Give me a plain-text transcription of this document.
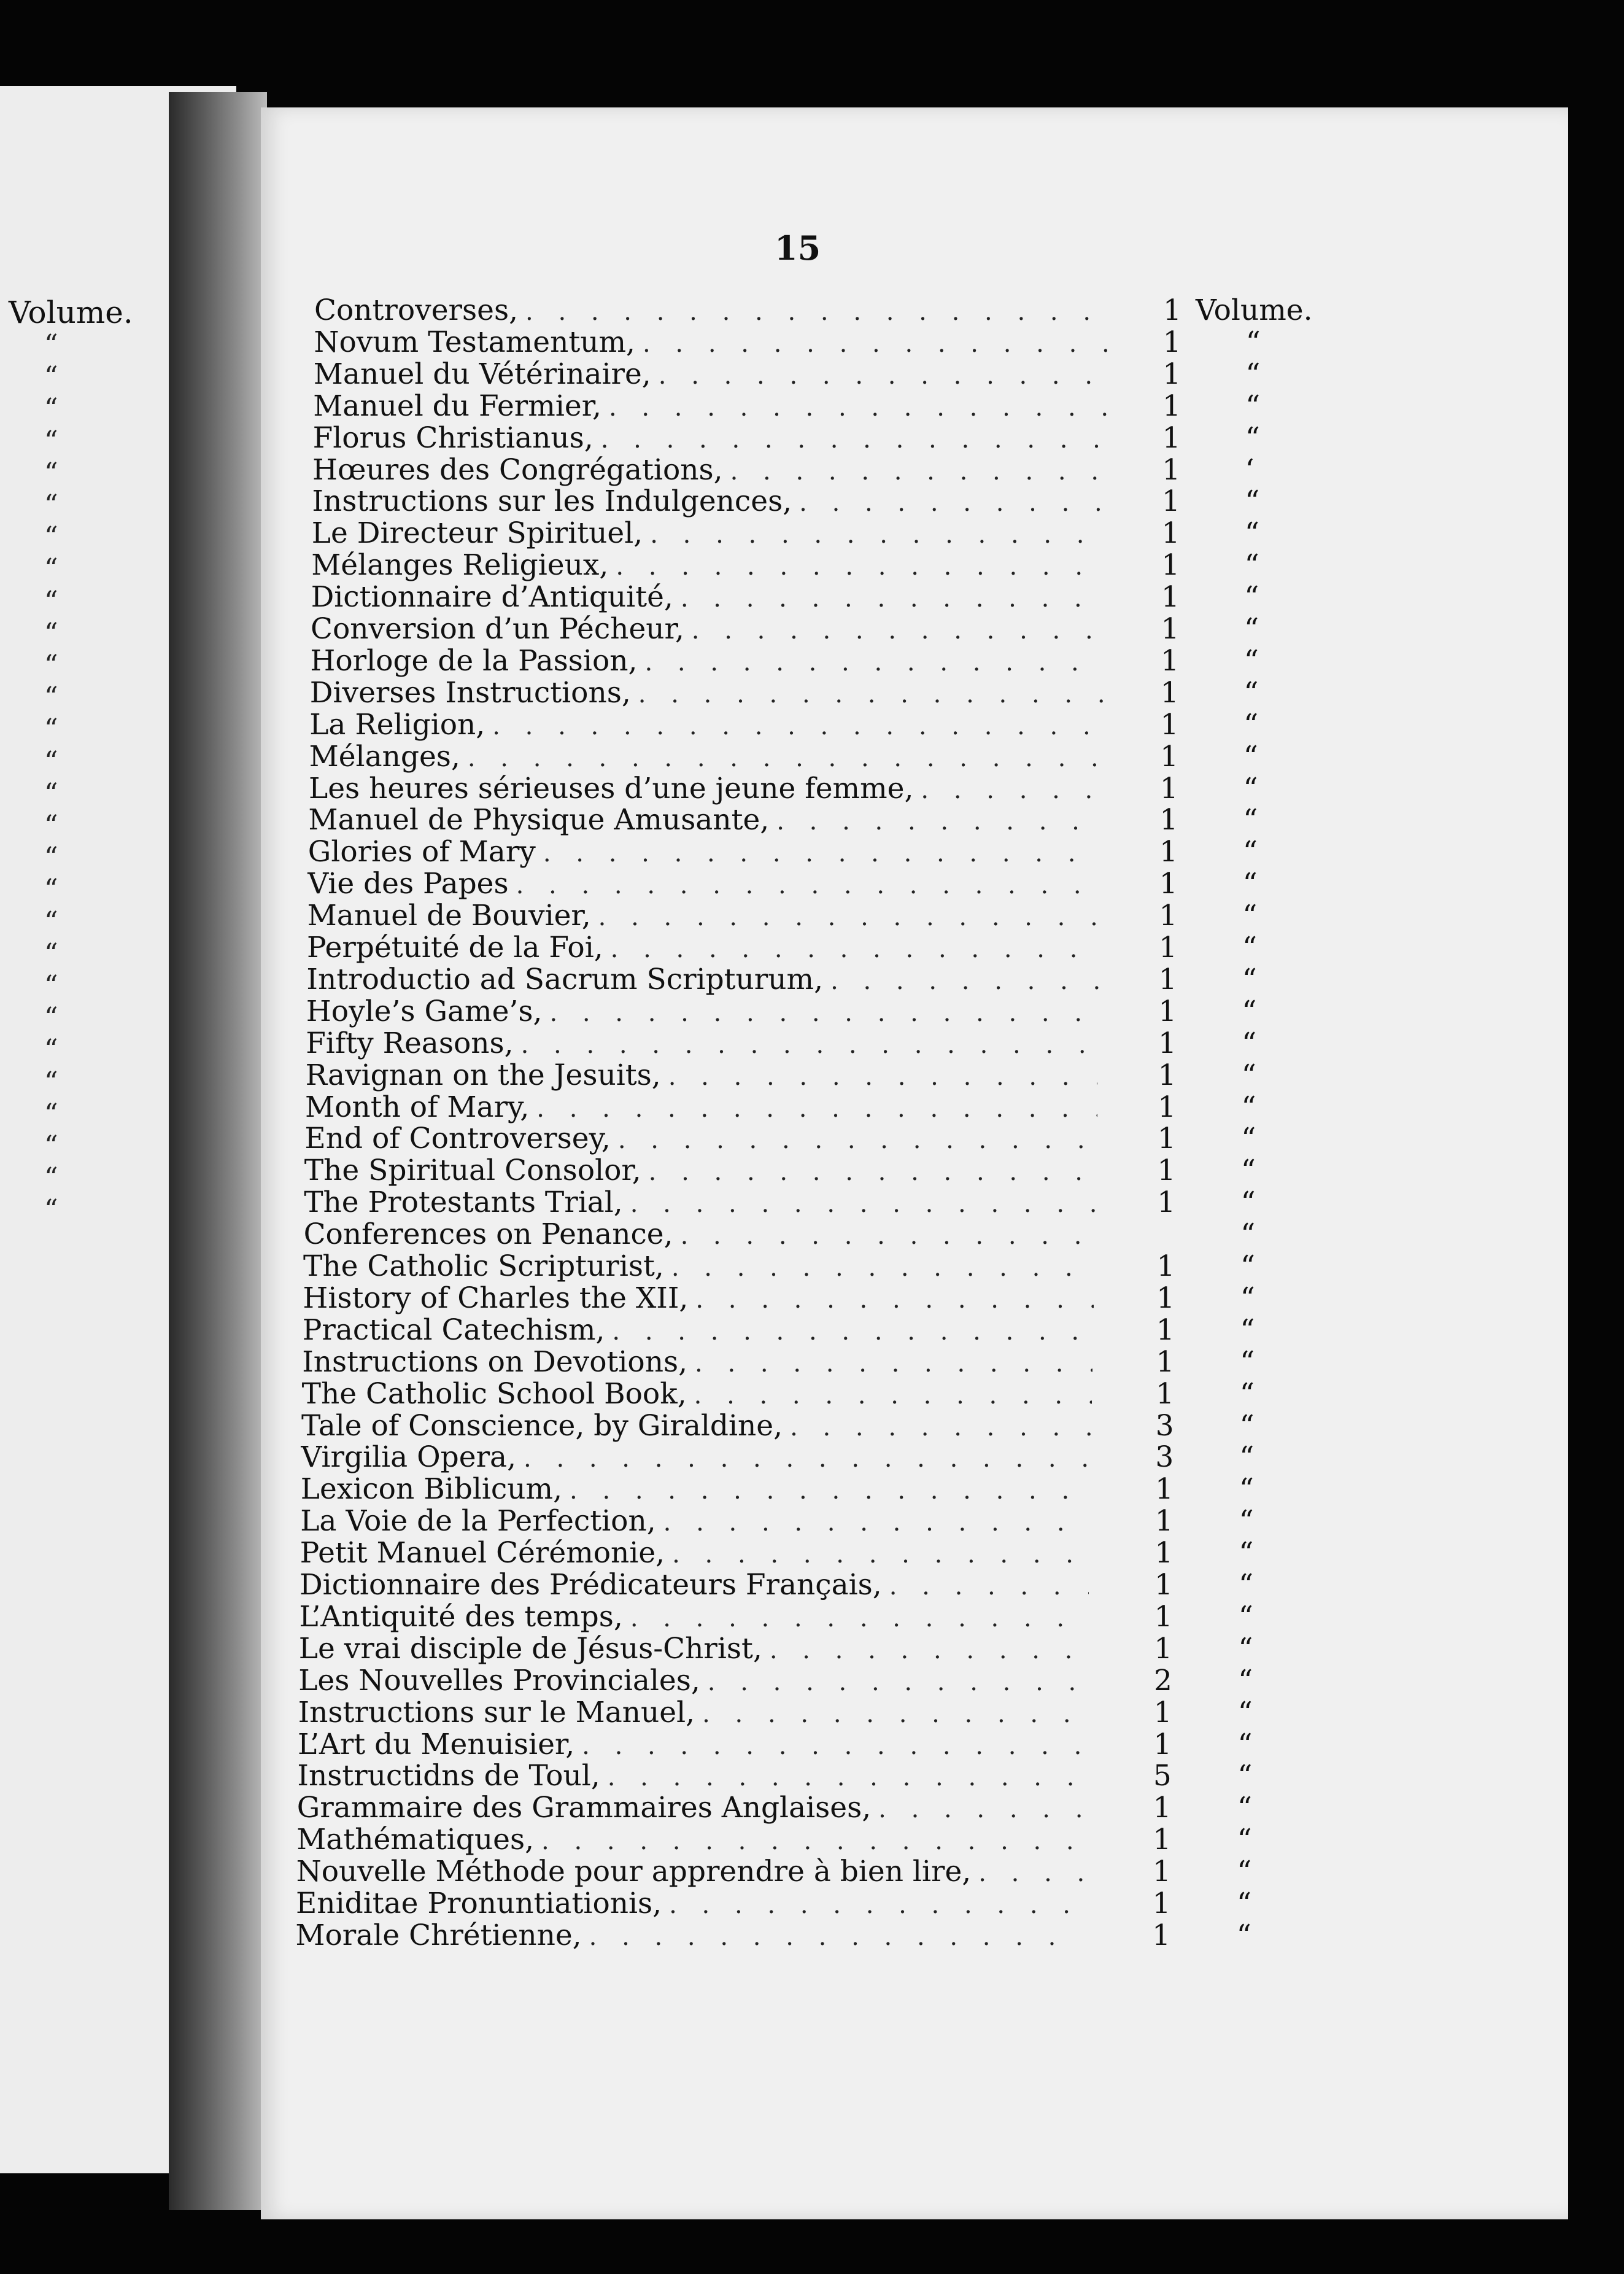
Volume.
“
“
“
“
“
“
“
“
“
“
“
“
“
“
“
“
“
“
“
“
“
“
“
“
“
“
“
“
15
Controverses, . . .	1 Volume.
Novum Testamentum, . . .	1 “
Manuel du Vétérinaire, . . .	1 “
Manuel du Fermier, . . .	1 “
Florus Christianus, . . .	1 “
Hœures des Congrégations, . . .	1 ‘
Instructions sur les Indulgences, . . .	1 “
Le Directeur Spirituel, . . .	1 “
Mélanges Religieux, . . .	1 “
Dictionnaire d’Antiquité, . . .	1 “
Conversion d’un Pécheur, . . .	1 “
Horloge de la Passion, . . .	1 “
Diverses Instructions, . . .	1 “
La Religion, . . .	1 “
Mélanges, . . .	1 “
Les heures sérieuses d’une jeune femme, . . .	1 “
Manuel de Physique Amusante, . . .	1 “
Glories of Mary . . .	1 “
Vie des Papes . . .	1 “
Manuel de Bouvier, . . .	1 “
Perpétuité de la Foi, . . .	1 “
Introductio ad Sacrum Scripturum, . . .	1 “
Hoyle’s Game’s, . . .	1 “
Fifty Reasons, . . .	1 “
Ravignan on the Jesuits, . . .	1 “
Month of Mary, . . .	1 “
End of Controversey, . . .	1 “
The Spiritual Consolor, . . .	1 “
The Protestants Trial, . . .	1 “
Conferences on Penance, . . .	“
The Catholic Scripturist, . . .	1 “
History of Charles the XII, . . .	1 “
Practical Catechism, . . .	1 “
Instructions on Devotions, . . .	1 “
The Catholic School Book, . . .	1 “
Tale of Conscience, by Giraldine, . . .	3 “
Virgilia Opera, . . .	3 “
Lexicon Biblicum, . . .	1 “
La Voie de la Perfection, . . .	1 “
Petit Manuel Cérémonie, . . .	1 “
Dictionnaire des Prédicateurs Français, . . .	1 “
L’Antiquité des temps, . . .	1 “
Le vrai disciple de Jésus-Christ, . . .	1 “
Les Nouvelles Provinciales, . . .	2 “
Instructions sur le Manuel, . . .	1 “
L’Art du Menuisier, . . .	1 “
Instructidns de Toul, . . .	5 “
Grammaire des Grammaires Anglaises, . . .	1 “
Mathématiques, . . .	1 “
Nouvelle Méthode pour apprendre à bien lire, . . .	1 “
Eniditae Pronuntiationis, . . .	1 “
Morale Chrétienne, . . .	1 “
